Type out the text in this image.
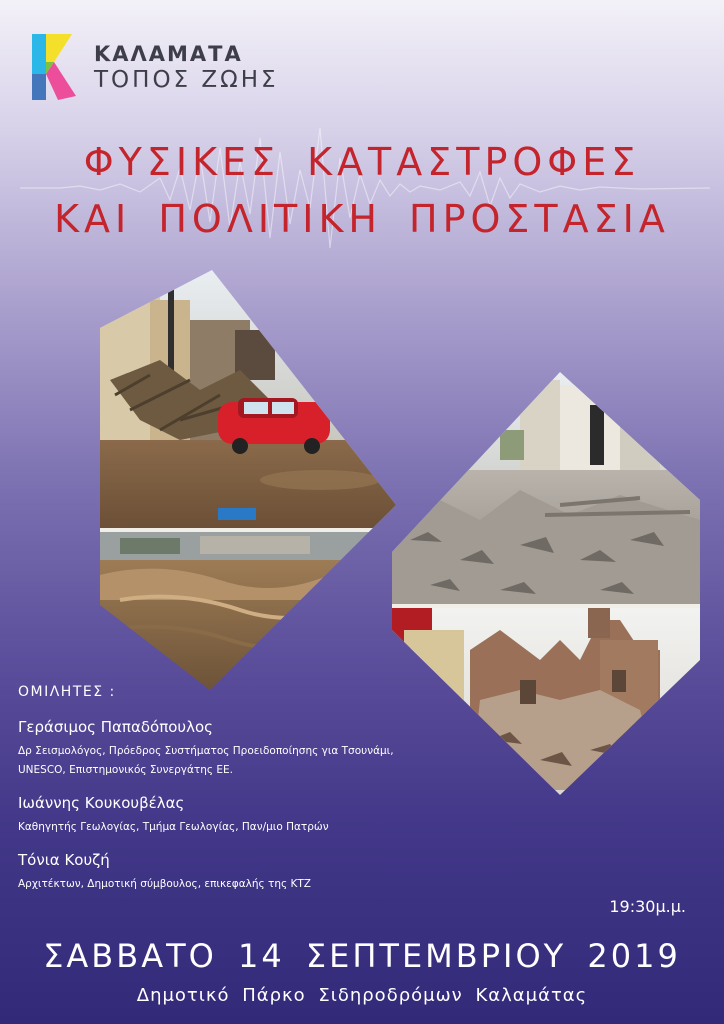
ΚΑΛΑΜΑΤΑ
ΤΟΠΟΣ ΖΩΗΣ
ΦΥΣΙΚΕΣ ΚΑΤΑΣΤΡΟΦΕΣ
ΚΑΙ ΠΟΛΙΤΙΚΗ ΠΡΟΣΤΑΣΙΑ
ΟΜΙΛΗΤΕΣ :
Γεράσιμος Παπαδόπουλος
Δρ Σεισμολόγος, Πρόεδρος Συστήματος Προειδοποίησης για Τσουνάμι,
UNESCO, Επιστημονικός Συνεργάτης ΕΕ.
Ιωάννης Κουκουβέλας
Καθηγητής Γεωλογίας, Τμήμα Γεωλογίας, Παν/μιο Πατρών
Τόνια Κουζή
Αρχιτέκτων, Δημοτική σύμβουλος, επικεφαλής της ΚΤΖ
19:30μ.μ.
ΣΑΒΒΑΤΟ 14 ΣΕΠΤΕΜΒΡΙΟΥ 2019
Δημοτικό Πάρκο Σιδηροδρόμων Καλαμάτας
